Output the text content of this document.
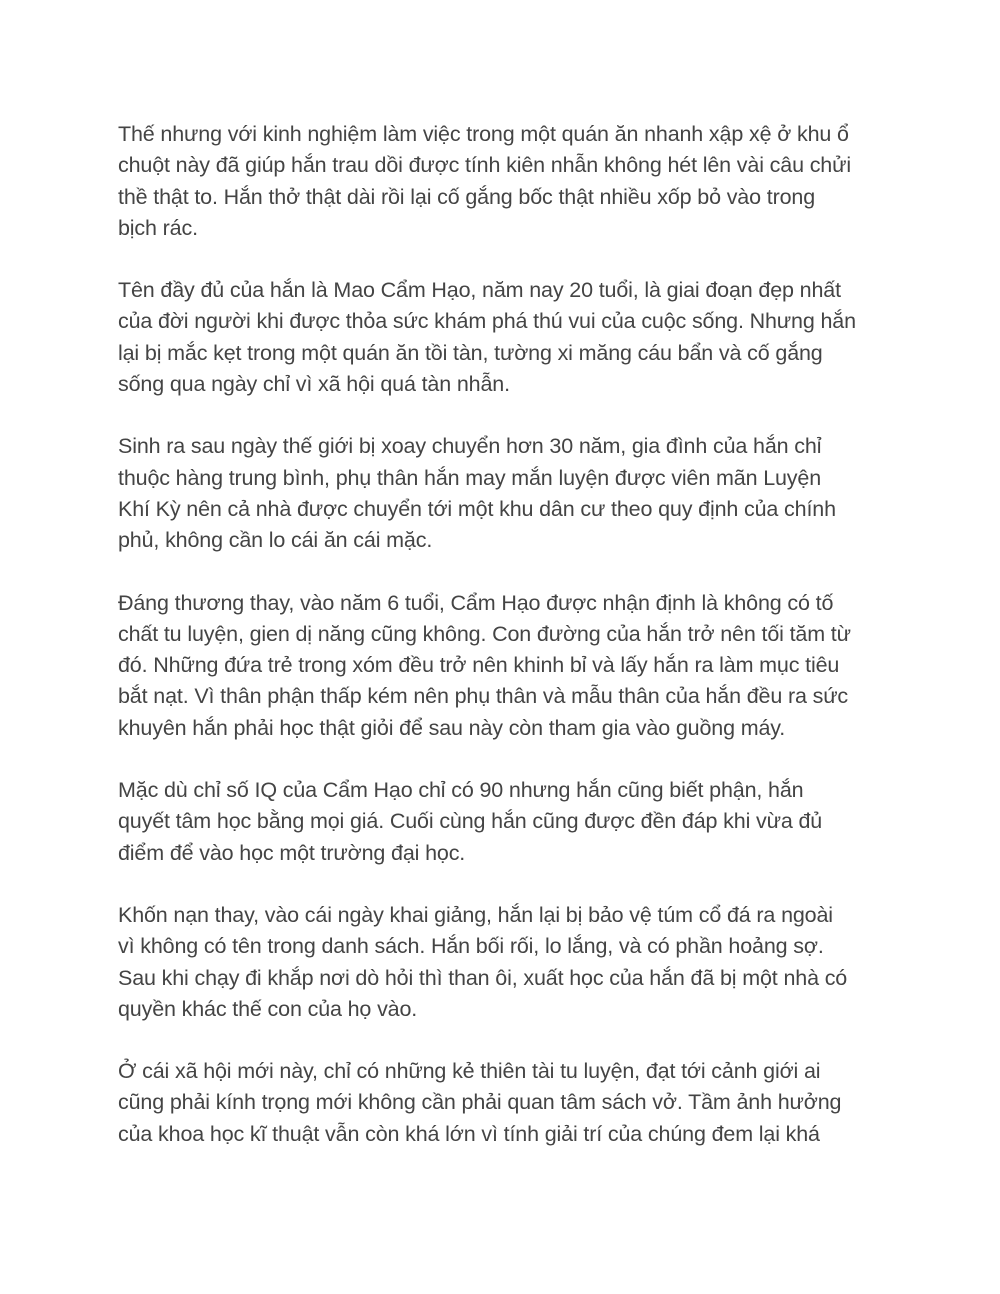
Thế nhưng với kinh nghiệm làm việc trong một quán ăn nhanh xập xệ ở khu ổ
chuột này đã giúp hắn trau dồi được tính kiên nhẫn không hét lên vài câu chửi
thề thật to. Hắn thở thật dài rồi lại cố gắng bốc thật nhiều xốp bỏ vào trong
bịch rác.

Tên đầy đủ của hắn là Mao Cẩm Hạo, năm nay 20 tuổi, là giai đoạn đẹp nhất
của đời người khi được thỏa sức khám phá thú vui của cuộc sống. Nhưng hắn
lại bị mắc kẹt trong một quán ăn tồi tàn, tường xi măng cáu bẩn và cố gắng
sống qua ngày chỉ vì xã hội quá tàn nhẫn.

Sinh ra sau ngày thế giới bị xoay chuyển hơn 30 năm, gia đình của hắn chỉ
thuộc hàng trung bình, phụ thân hắn may mắn luyện được viên mãn Luyện
Khí Kỳ nên cả nhà được chuyển tới một khu dân cư theo quy định của chính
phủ, không cần lo cái ăn cái mặc.

Đáng thương thay, vào năm 6 tuổi, Cẩm Hạo được nhận định là không có tố
chất tu luyện, gien dị năng cũng không. Con đường của hắn trở nên tối tăm từ
đó. Những đứa trẻ trong xóm đều trở nên khinh bỉ và lấy hắn ra làm mục tiêu
bắt nạt. Vì thân phận thấp kém nên phụ thân và mẫu thân của hắn đều ra sức
khuyên hắn phải học thật giỏi để sau này còn tham gia vào guồng máy.

Mặc dù chỉ số IQ của Cẩm Hạo chỉ có 90 nhưng hắn cũng biết phận, hắn
quyết tâm học bằng mọi giá. Cuối cùng hắn cũng được đền đáp khi vừa đủ
điểm để vào học một trường đại học.

Khốn nạn thay, vào cái ngày khai giảng, hắn lại bị bảo vệ túm cổ đá ra ngoài
vì không có tên trong danh sách. Hắn bối rối, lo lắng, và có phần hoảng sợ.
Sau khi chạy đi khắp nơi dò hỏi thì than ôi, xuất học của hắn đã bị một nhà có
quyền khác thế con của họ vào.

Ở cái xã hội mới này, chỉ có những kẻ thiên tài tu luyện, đạt tới cảnh giới ai
cũng phải kính trọng mới không cần phải quan tâm sách vở. Tầm ảnh hưởng
của khoa học kĩ thuật vẫn còn khá lớn vì tính giải trí của chúng đem lại khá
